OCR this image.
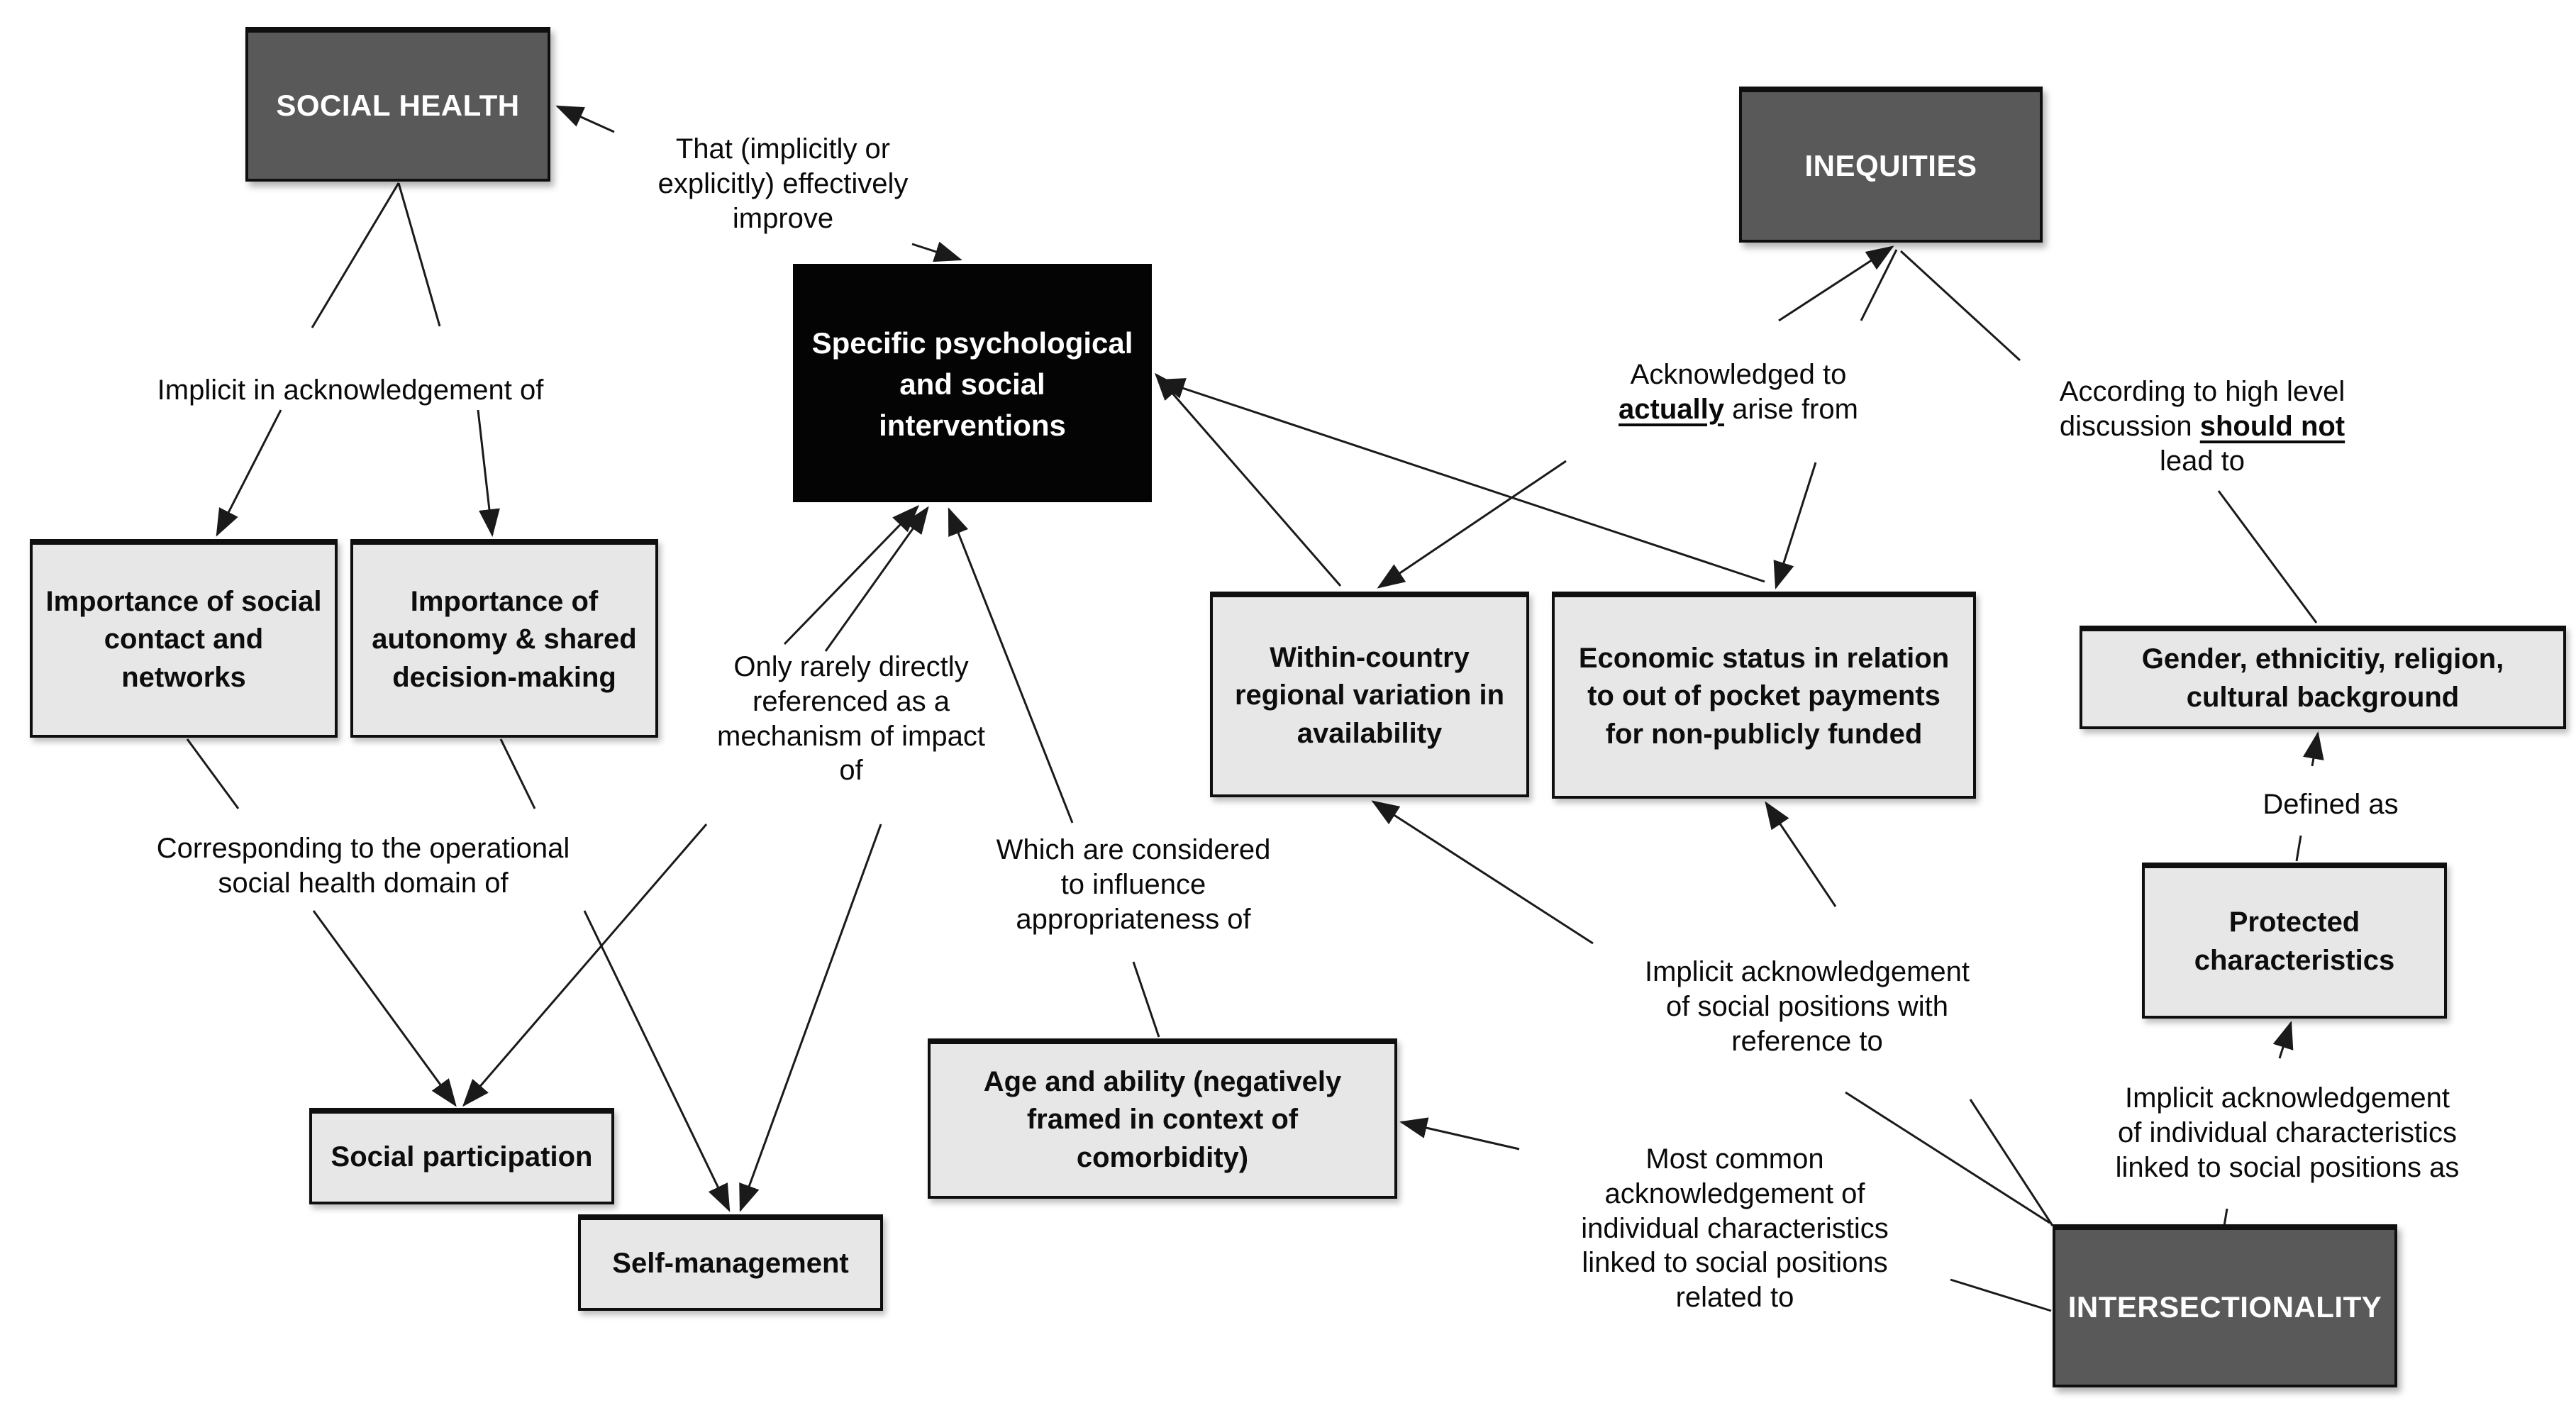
SOCIAL HEALTH
INEQUITIES
Specific psychological and social interventions
Importance of social contact and networks
Importance of autonomy & shared decision-making
Within-country regional variation in availability
Economic status in relation to out of pocket payments for non-publicly funded
Gender, ethnicitiy, religion, cultural background
Protected characteristics
Age and ability (negatively framed in context of comorbidity)
Social participation
Self-management
INTERSECTIONALITY
That (implicitly or
explicitly) effectively
improve
Implicit in acknowledgement of	Acknowledged to
actually arise from
According to high level
discussion should not
lead to
Only rarely directly
referenced as a
mechanism of impact
of
Corresponding to the operational
social health domain of
Which are considered
to influence
appropriateness of
Implicit acknowledgement
of social positions with
reference to
Defined as
Implicit acknowledgement
of individual characteristics
linked to social positions as
Most common
acknowledgement of
individual characteristics
linked to social positions
related to
